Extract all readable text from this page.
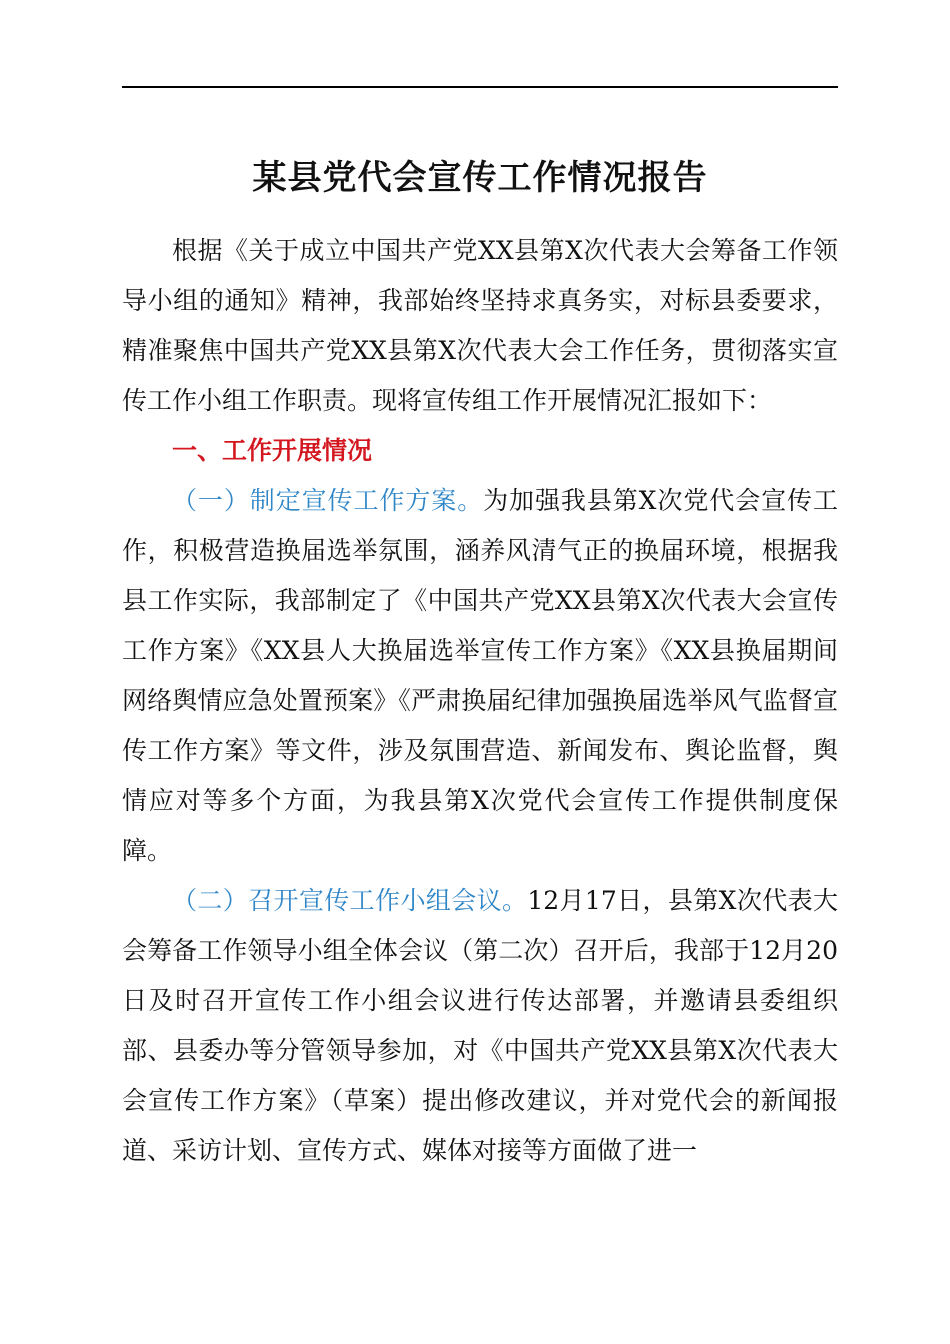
某县党代会宣传工作情况报告

根据《关于成立中国共产党XX县第X次代表大会筹备工作领导小组的通知》精神，我部始终坚持求真务实，对标县委要求，精准聚焦中国共产党XX县第X次代表大会工作任务，贯彻落实宣传工作小组工作职责。现将宣传组工作开展情况汇报如下：

一、工作开展情况

（一）制定宣传工作方案。为加强我县第X次党代会宣传工作，积极营造换届选举氛围，涵养风清气正的换届环境，根据我县工作实际，我部制定了《中国共产党XX县第X次代表大会宣传工作方案》《XX县人大换届选举宣传工作方案》《XX县换届期间网络舆情应急处置预案》《严肃换届纪律加强换届选举风气监督宣传工作方案》等文件，涉及氛围营造、新闻发布、舆论监督，舆情应对等多个方面，为我县第X次党代会宣传工作提供制度保障。

（二）召开宣传工作小组会议。12月17日，县第X次代表大会筹备工作领导小组全体会议（第二次）召开后，我部于12月20日及时召开宣传工作小组会议进行传达部署，并邀请县委组织部、县委办等分管领导参加，对《中国共产党XX县第X次代表大会宣传工作方案》（草案）提出修改建议，并对党代会的新闻报道、采访计划、宣传方式、媒体对接等方面做了进一
